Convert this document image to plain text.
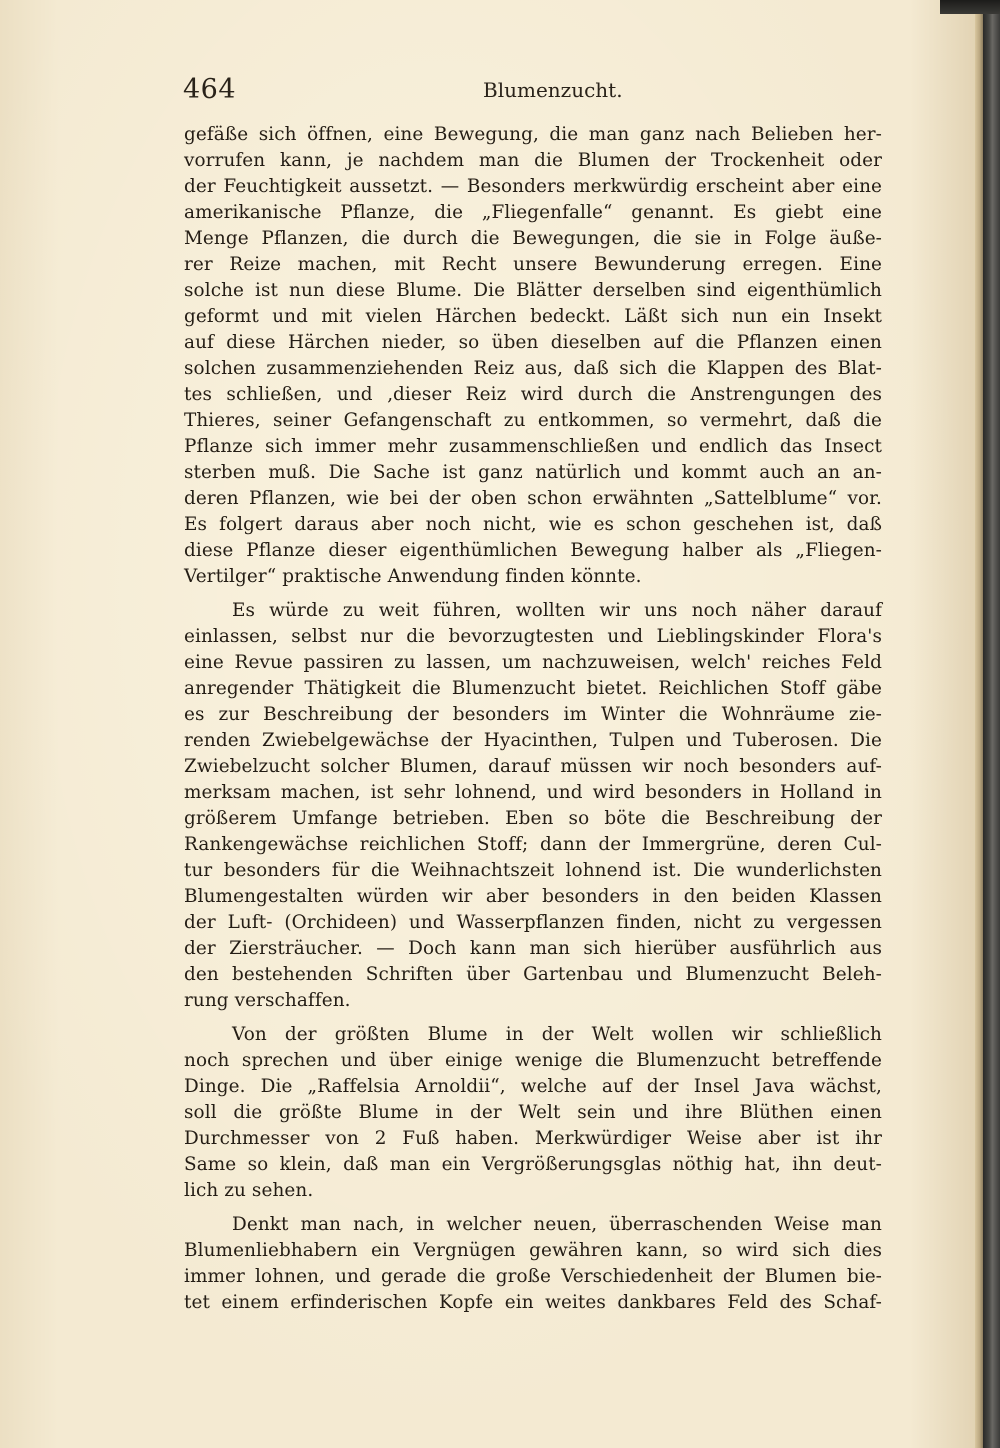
464	Blumenzucht.
gefäße sich öffnen, eine Bewegung, die man ganz nach Belieben her-
vorrufen kann, je nachdem man die Blumen der Trockenheit oder
der Feuchtigkeit aussetzt. — Besonders merkwürdig erscheint aber eine
amerikanische Pflanze, die „Fliegenfalle“ genannt. Es giebt eine
Menge Pflanzen, die durch die Bewegungen, die sie in Folge äuße-
rer Reize machen, mit Recht unsere Bewunderung erregen. Eine
solche ist nun diese Blume. Die Blätter derselben sind eigenthümlich
geformt und mit vielen Härchen bedeckt. Läßt sich nun ein Insekt
auf diese Härchen nieder, so üben dieselben auf die Pflanzen einen
solchen zusammenziehenden Reiz aus, daß sich die Klappen des Blat-
tes schließen, und ‚dieser Reiz wird durch die Anstrengungen des
Thieres, seiner Gefangenschaft zu entkommen, so vermehrt, daß die
Pflanze sich immer mehr zusammenschließen und endlich das Insect
sterben muß. Die Sache ist ganz natürlich und kommt auch an an-
deren Pflanzen, wie bei der oben schon erwähnten „Sattelblume“ vor.
Es folgert daraus aber noch nicht, wie es schon geschehen ist, daß
diese Pflanze dieser eigenthümlichen Bewegung halber als „Fliegen-
Vertilger“ praktische Anwendung finden könnte.
Es würde zu weit führen, wollten wir uns noch näher darauf
einlassen, selbst nur die bevorzugtesten und Lieblingskinder Flora's
eine Revue passiren zu lassen, um nachzuweisen, welch' reiches Feld
anregender Thätigkeit die Blumenzucht bietet. Reichlichen Stoff gäbe
es zur Beschreibung der besonders im Winter die Wohnräume zie-
renden Zwiebelgewächse der Hyacinthen, Tulpen und Tuberosen. Die
Zwiebelzucht solcher Blumen, darauf müssen wir noch besonders auf-
merksam machen, ist sehr lohnend, und wird besonders in Holland in
größerem Umfange betrieben. Eben so böte die Beschreibung der
Rankengewächse reichlichen Stoff; dann der Immergrüne, deren Cul-
tur besonders für die Weihnachtszeit lohnend ist. Die wunderlichsten
Blumengestalten würden wir aber besonders in den beiden Klassen
der Luft- (Orchideen) und Wasserpflanzen finden, nicht zu vergessen
der Ziersträucher. — Doch kann man sich hierüber ausführlich aus
den bestehenden Schriften über Gartenbau und Blumenzucht Beleh-
rung verschaffen.
Von der größten Blume in der Welt wollen wir schließlich
noch sprechen und über einige wenige die Blumenzucht betreffende
Dinge. Die „Raffelsia Arnoldii“, welche auf der Insel Java wächst,
soll die größte Blume in der Welt sein und ihre Blüthen einen
Durchmesser von 2 Fuß haben. Merkwürdiger Weise aber ist ihr
Same so klein, daß man ein Vergrößerungsglas nöthig hat, ihn deut-
lich zu sehen.
Denkt man nach, in welcher neuen, überraschenden Weise man
Blumenliebhabern ein Vergnügen gewähren kann, so wird sich dies
immer lohnen, und gerade die große Verschiedenheit der Blumen bie-
tet einem erfinderischen Kopfe ein weites dankbares Feld des Schaf-
